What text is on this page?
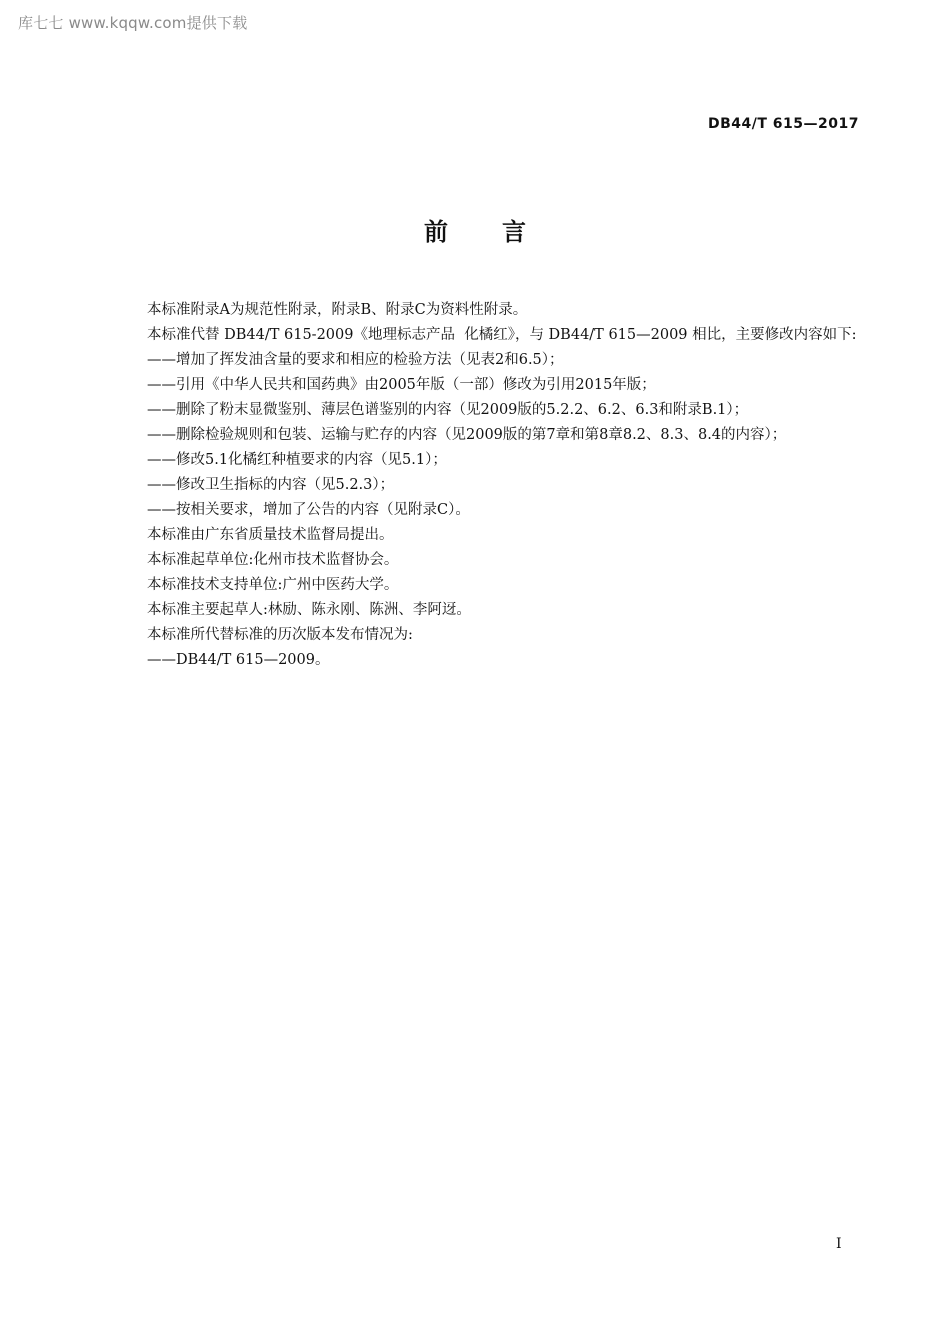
库七七 www.kqqw.com提供下载
DB44/T 615—2017
前言

本标准附录A为规范性附录，附录B、附录C为资料性附录。

本标准代替 DB44/T 615-2009《地理标志产品  化橘红》，与 DB44/T 615—2009 相比，主要修改内容如下:

——增加了挥发油含量的要求和相应的检验方法（见表2和6.5）；

——引用《中华人民共和国药典》由2005年版（一部）修改为引用2015年版；

——删除了粉末显微鉴别、薄层色谱鉴别的内容（见2009版的5.2.2、6.2、6.3和附录B.1）；

——删除检验规则和包装、运输与贮存的内容（见2009版的第7章和第8章8.2、8.3、8.4的内容）；

——修改5.1化橘红种植要求的内容（见5.1）；

——修改卫生指标的内容（见5.2.3）；

——按相关要求，增加了公告的内容（见附录C）。

本标准由广东省质量技术监督局提出。

本标准起草单位:化州市技术监督协会。

本标准技术支持单位:广州中医药大学。

本标准主要起草人:林励、陈永刚、陈洲、李阿迓。

本标准所代替标准的历次版本发布情况为:

——DB44/T 615—2009。

I
